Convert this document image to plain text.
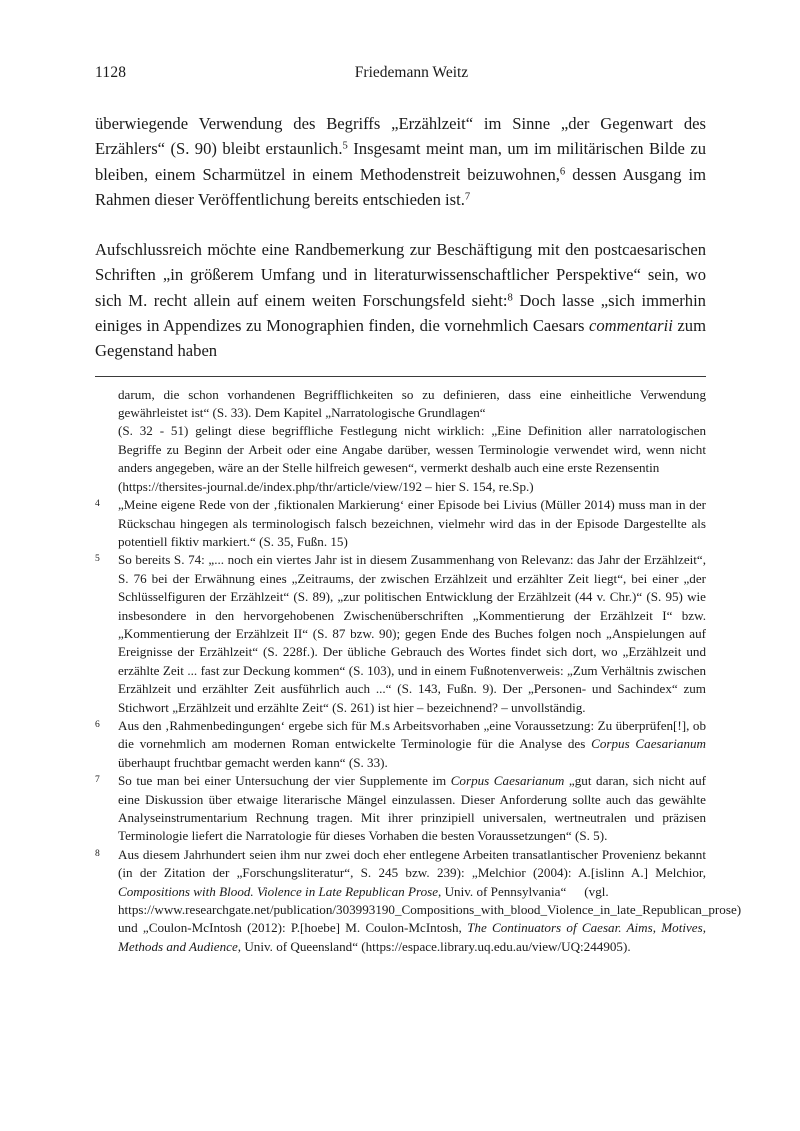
1128	Friedemann Weitz

überwiegende Verwendung des Begriffs „Erzählzeit“ im Sinne „der Gegenwart des Erzählers“ (S. 90) bleibt erstaunlich.$^5$ Insgesamt meint man, um im militärischen Bilde zu bleiben, einem Scharmützel in einem Methodenstreit beizuwohnen,$^6$ dessen Ausgang im Rahmen dieser Veröffentlichung bereits entschieden ist.$^7$

Aufschlussreich möchte eine Randbemerkung zur Beschäftigung mit den postcaesarischen Schriften „in größerem Umfang und in literaturwissenschaftlicher Perspektive“ sein, wo sich M. recht allein auf einem weiten Forschungsfeld sieht:$^8$ Doch lasse „sich immerhin einiges in Appendizes zu Monographien finden, die vornehmlich Caesars commentarii zum Gegenstand haben

darum, die schon vorhandenen Begrifflichkeiten so zu definieren, dass eine einheitliche Verwendung gewährleistet ist“ (S. 33). Dem Kapitel „Narratologische Grundlagen“
(S. 32 - 51) gelingt diese begriffliche Festlegung nicht wirklich: „Eine Definition aller narratologischen Begriffe zu Beginn der Arbeit oder eine Angabe darüber, wessen Terminologie verwendet wird, wenn nicht anders angegeben, wäre an der Stelle hilfreich gewesen“, vermerkt deshalb auch eine erste Rezensentin
(https://thersites-journal.de/index.php/thr/article/view/192 – hier S. 154, re.Sp.)
4	„Meine eigene Rede von der ‚fiktionalen Markierung‘ einer Episode bei Livius (Müller 2014) muss man in der Rückschau hingegen als terminologisch falsch bezeichnen, vielmehr wird das in der Episode Dargestellte als potentiell fiktiv markiert.“ (S. 35, Fußn. 15)
5	So bereits S. 74: „... noch ein viertes Jahr ist in diesem Zusammenhang von Relevanz: das Jahr der Erzählzeit“, S. 76 bei der Erwähnung eines „Zeitraums, der zwischen Erzählzeit und erzählter Zeit liegt“, bei einer „der Schlüsselfiguren der Erzählzeit“ (S. 89), „zur politischen Entwicklung der Erzählzeit (44 v. Chr.)“ (S. 95) wie insbesondere in den hervorgehobenen Zwischenüberschriften „Kommentierung der Erzählzeit I“ bzw. „Kommentierung der Erzählzeit II“ (S. 87 bzw. 90); gegen Ende des Buches folgen noch „Anspielungen auf Ereignisse der Erzählzeit“ (S. 228f.). Der übliche Gebrauch des Wortes findet sich dort, wo „Erzählzeit und erzählte Zeit ... fast zur Deckung kommen“ (S. 103), und in einem Fußnotenverweis: „Zum Verhältnis zwischen Erzählzeit und erzählter Zeit ausführlich auch ...“ (S. 143, Fußn. 9). Der „Personen- und Sachindex“ zum Stichwort „Erzählzeit und erzählte Zeit“ (S. 261) ist hier – bezeichnend? – unvollständig.
6	Aus den ‚Rahmenbedingungen‘ ergebe sich für M.s Arbeitsvorhaben „eine Voraussetzung: Zu überprüfen[!], ob die vornehmlich am modernen Roman entwickelte Terminologie für die Analyse des Corpus Caesarianum überhaupt fruchtbar gemacht werden kann“ (S. 33).
7	So tue man bei einer Untersuchung der vier Supplemente im Corpus Caesarianum „gut daran, sich nicht auf eine Diskussion über etwaige literarische Mängel einzulassen. Dieser Anforderung sollte auch das gewählte Analyseinstrumentarium Rechnung tragen. Mit ihrer prinzipiell universalen, wertneutralen und präzisen Terminologie liefert die Narratologie für dieses Vorhaben die besten Voraussetzungen“ (S. 5).
8	Aus diesem Jahrhundert seien ihm nur zwei doch eher entlegene Arbeiten transatlantischer Provenienz bekannt (in der Zitation der „Forschungsliteratur“, S. 245 bzw. 239): „Melchior (2004): A.[islinn A.] Melchior, Compositions with Blood. Violence in Late Republican Prose, Univ. of Pennsylvania“ (vgl.
https://www.researchgate.net/publication/303993190_Compositions_with_blood_Violence_in_late_Republican_prose) und „Coulon-McIntosh (2012): P.[hoebe] M. Coulon-McIntosh, The Continuators of Caesar. Aims, Motives, Methods and Audience, Univ. of Queensland“ (https://espace.library.uq.edu.au/view/UQ:244905).
